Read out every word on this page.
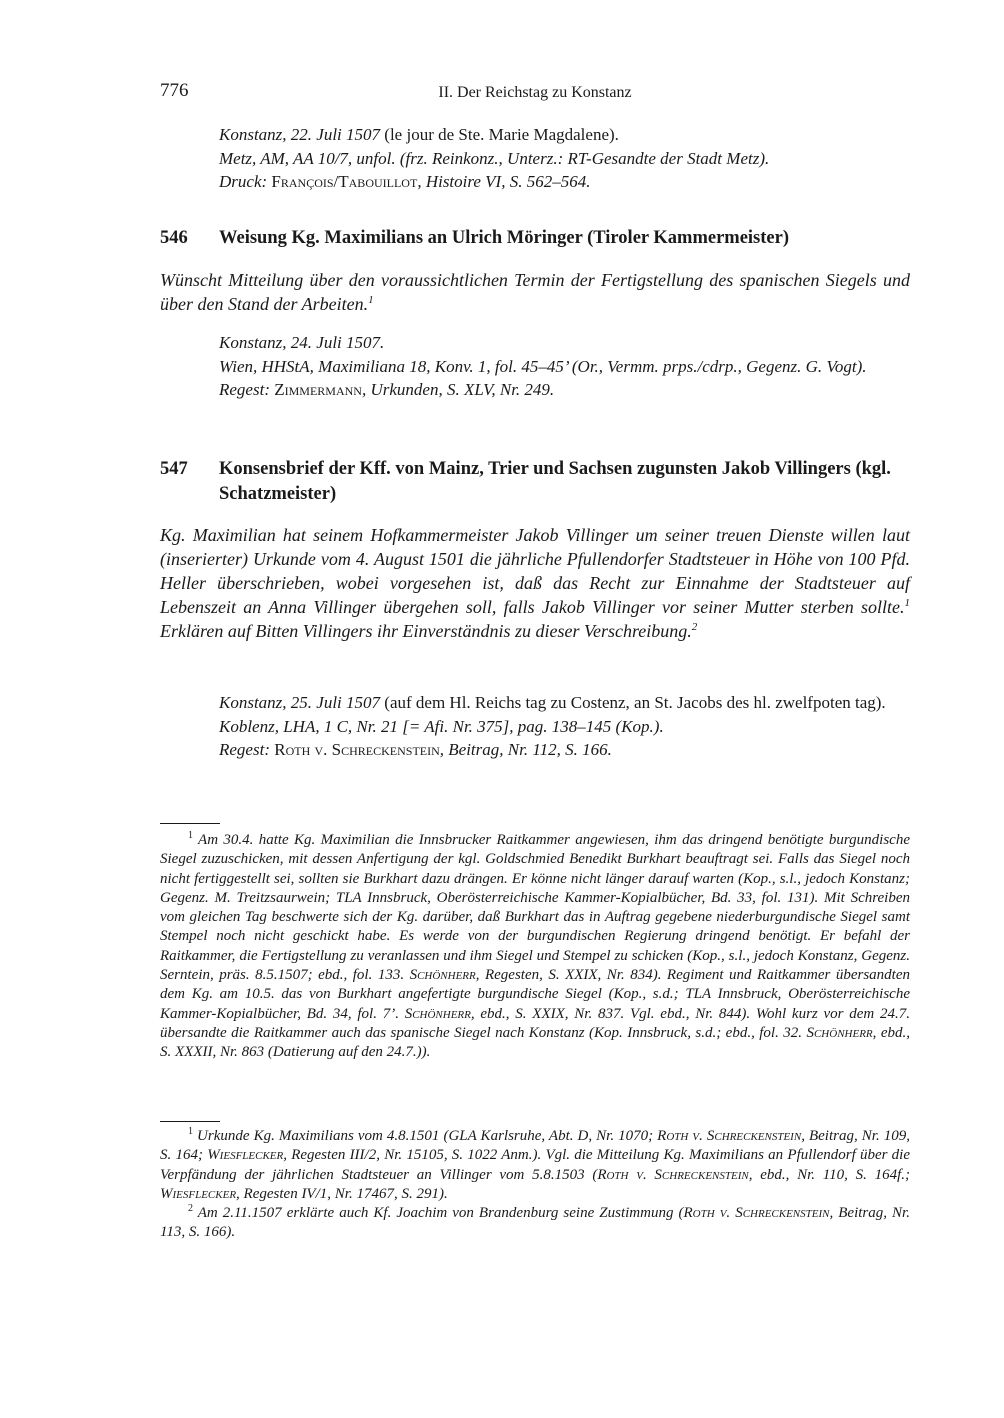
776	II. Der Reichstag zu Konstanz

Konstanz, 22. Juli 1507 (le jour de Ste. Marie Magdalene).

Metz, AM, AA 10/7, unfol. (frz. Reinkonz., Unterz.: RT-Gesandte der Stadt Metz).

Druck: François/Tabouillot, Histoire VI, S. 562–564.

546 Weisung Kg. Maximilians an Ulrich Möringer (Tiroler Kammermeister)
Wünscht Mitteilung über den voraussichtlichen Termin der Fertigstellung des spanischen Siegels und über den Stand der Arbeiten.$^1$

Konstanz, 24. Juli 1507.

Wien, HHStA, Maximiliana 18, Konv. 1, fol. 45–45’ (Or., Vermm. prps./cdrp., Gegenz. G. Vogt).

Regest: Zimmermann, Urkunden, S. XLV, Nr. 249.

547 Konsensbrief der Kff. von Mainz, Trier und Sachsen zugunsten Jakob Villingers (kgl. Schatzmeister)
Kg. Maximilian hat seinem Hofkammermeister Jakob Villinger um seiner treuen Dienste willen laut (inserierter) Urkunde vom 4. August 1501 die jährliche Pfullendorfer Stadtsteuer in Höhe von 100 Pfd. Heller überschrieben, wobei vorgesehen ist, daß das Recht zur Einnahme der Stadtsteuer auf Lebenszeit an Anna Villinger übergehen soll, falls Jakob Villinger vor seiner Mutter sterben sollte.$^1$ Erklären auf Bitten Villingers ihr Einverständnis zu dieser Verschreibung.$^2$

Konstanz, 25. Juli 1507 (auf dem Hl. Reichs tag zu Costenz, an St. Jacobs des hl. zwelfpoten tag).

Koblenz, LHA, 1 C, Nr. 21 [= Afi. Nr. 375], pag. 138–145 (Kop.).

Regest: Roth v. Schreckenstein, Beitrag, Nr. 112, S. 166.

$^1$ Am 30.4. hatte Kg. Maximilian die Innsbrucker Raitkammer angewiesen, ihm das dringend benötigte burgundische Siegel zuzuschicken, mit dessen Anfertigung der kgl. Goldschmied Benedikt Burkhart beauftragt sei. Falls das Siegel noch nicht fertiggestellt sei, sollten sie Burkhart dazu drängen. Er könne nicht länger darauf warten (Kop., s.l., jedoch Konstanz; Gegenz. M. Treitzsaurwein; TLA Innsbruck, Oberösterreichische Kammer-Kopialbücher, Bd. 33, fol. 131). Mit Schreiben vom gleichen Tag beschwerte sich der Kg. darüber, daß Burkhart das in Auftrag gegebene niederburgundische Siegel samt Stempel noch nicht geschickt habe. Es werde von der burgundischen Regierung dringend benötigt. Er befahl der Raitkammer, die Fertigstellung zu veranlassen und ihm Siegel und Stempel zu schicken (Kop., s.l., jedoch Konstanz, Gegenz. Serntein, präs. 8.5.1507; ebd., fol. 133. Schönherr, Regesten, S. XXIX, Nr. 834). Regiment und Raitkammer übersandten dem Kg. am 10.5. das von Burkhart angefertigte burgundische Siegel (Kop., s.d.; TLA Innsbruck, Oberösterreichische Kammer-Kopialbücher, Bd. 34, fol. 7’. Schönherr, ebd., S. XXIX, Nr. 837. Vgl. ebd., Nr. 844). Wohl kurz vor dem 24.7. übersandte die Raitkammer auch das spanische Siegel nach Konstanz (Kop. Innsbruck, s.d.; ebd., fol. 32. Schönherr, ebd., S. XXXII, Nr. 863 (Datierung auf den 24.7.)).

$^1$ Urkunde Kg. Maximilians vom 4.8.1501 (GLA Karlsruhe, Abt. D, Nr. 1070; Roth v. Schreckenstein, Beitrag, Nr. 109, S. 164; Wiesflecker, Regesten III/2, Nr. 15105, S. 1022 Anm.). Vgl. die Mitteilung Kg. Maximilians an Pfullendorf über die Verpfändung der jährlichen Stadtsteuer an Villinger vom 5.8.1503 (Roth v. Schreckenstein, ebd., Nr. 110, S. 164f.; Wiesflecker, Regesten IV/1, Nr. 17467, S. 291).

$^2$ Am 2.11.1507 erklärte auch Kf. Joachim von Brandenburg seine Zustimmung (Roth v. Schreckenstein, Beitrag, Nr. 113, S. 166).
